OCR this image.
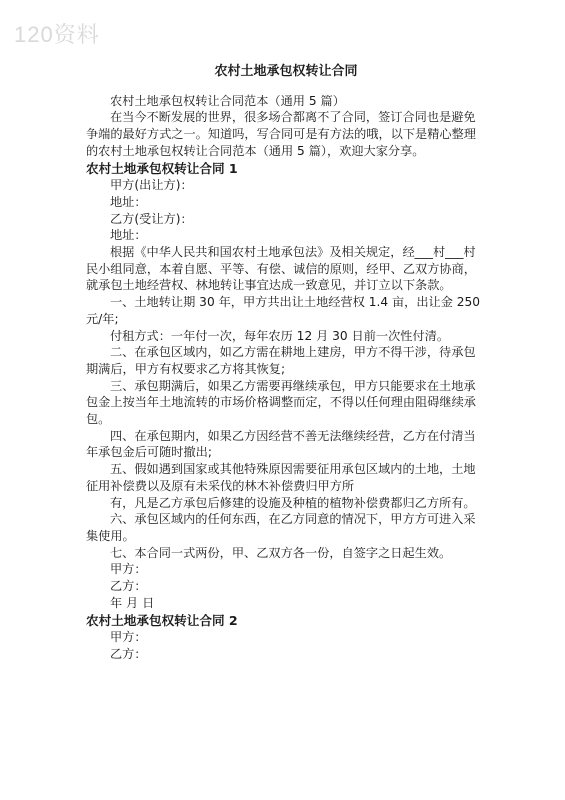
120资料

农村土地承包权转让合同

农村土地承包权转让合同范本（通用 5 篇）

在当今不断发展的世界，很多场合都离不了合同，签订合同也是避免争端的最好方式之一。知道吗，写合同可是有方法的哦，以下是精心整理的农村土地承包权转让合同范本（通用 5 篇），欢迎大家分享。

农村土地承包权转让合同 1

甲方(出让方)：

地址：

乙方(受让方)：

地址：

根据《中华人民共和国农村土地承包法》及相关规定，经___村___村民小组同意，本着自愿、平等、有偿、诚信的原则，经甲、乙双方协商，就承包土地经营权、林地转让事宜达成一致意见，并订立以下条款。

一、土地转让期 30 年，甲方共出让土地经营权 1.4 亩，出让金 250 元/年;

付租方式：一年付一次，每年农历 12 月 30 日前一次性付清。

二、在承包区域内，如乙方需在耕地上建房，甲方不得干涉，待承包期满后，甲方有权要求乙方将其恢复;

三、承包期满后，如果乙方需要再继续承包，甲方只能要求在土地承包金上按当年土地流转的市场价格调整而定，不得以任何理由阻碍继续承包。

四、在承包期内，如果乙方因经营不善无法继续经营，乙方在付清当年承包金后可随时撤出;

五、假如遇到国家或其他特殊原因需要征用承包区域内的土地，土地征用补偿费以及原有未采伐的林木补偿费归甲方所

有，凡是乙方承包后修建的设施及种植的植物补偿费都归乙方所有。

六、承包区域内的任何东西，在乙方同意的情况下，甲方方可进入采集使用。

七、本合同一式两份，甲、乙双方各一份，自签字之日起生效。

甲方：

乙方：

年 月 日

农村土地承包权转让合同 2

甲方：

乙方：
